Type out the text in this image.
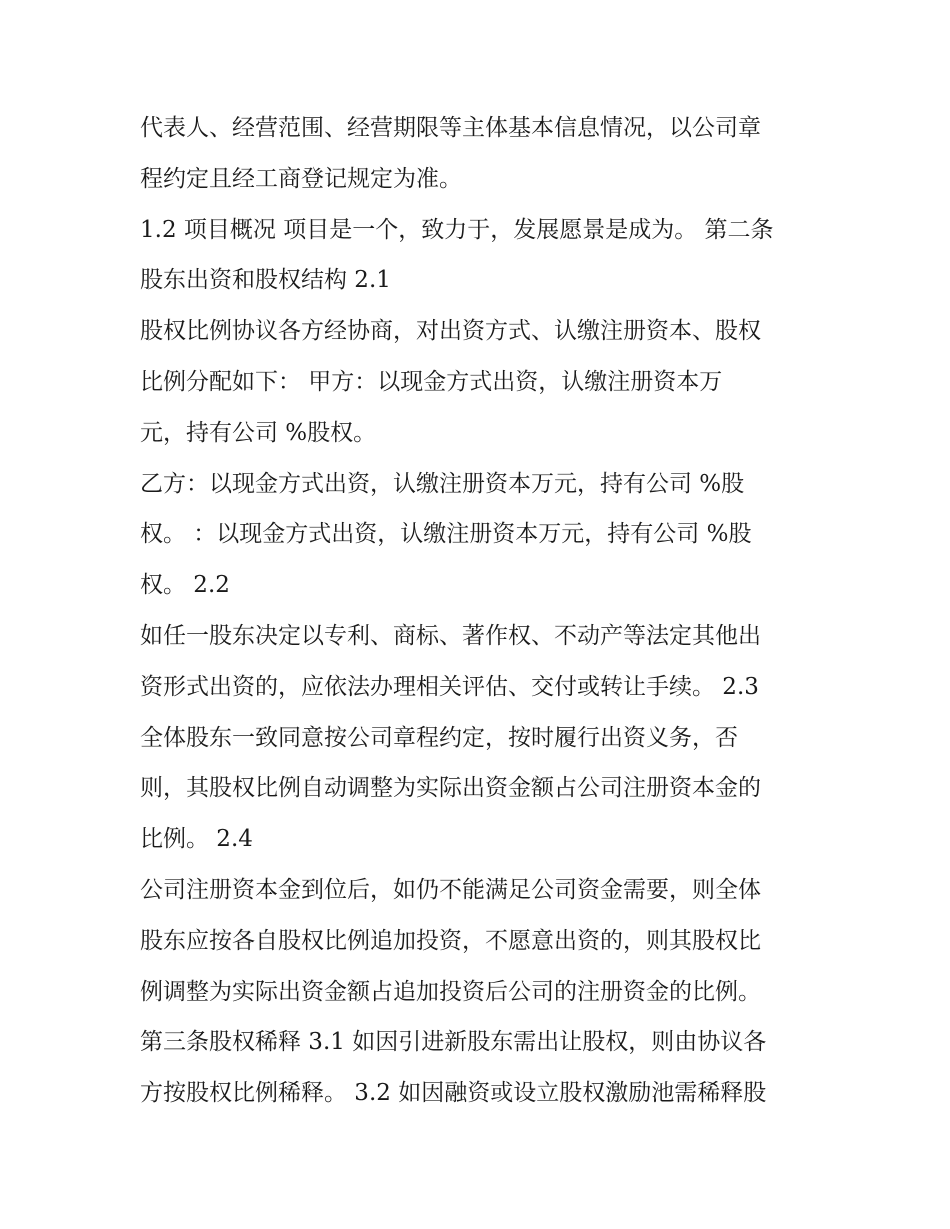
代表人、经营范围、经营期限等主体基本信息情况，以公司章
程约定且经工商登记规定为准。
1.2 项目概况 项目是一个，致力于，发展愿景是成为。 第二条
股东出资和股权结构 2.1
股权比例协议各方经协商，对出资方式、认缴注册资本、股权
比例分配如下： 甲方：以现金方式出资，认缴注册资本万
元，持有公司 %股权。
乙方：以现金方式出资，认缴注册资本万元，持有公司 %股
权。 ：以现金方式出资，认缴注册资本万元，持有公司 %股
权。 2.2
如任一股东决定以专利、商标、著作权、不动产等法定其他出
资形式出资的，应依法办理相关评估、交付或转让手续。 2.3
全体股东一致同意按公司章程约定，按时履行出资义务，否
则，其股权比例自动调整为实际出资金额占公司注册资本金的
比例。 2.4
公司注册资本金到位后，如仍不能满足公司资金需要，则全体
股东应按各自股权比例追加投资，不愿意出资的，则其股权比
例调整为实际出资金额占追加投资后公司的注册资金的比例。
第三条股权稀释 3.1 如因引进新股东需出让股权，则由协议各
方按股权比例稀释。 3.2 如因融资或设立股权激励池需稀释股
